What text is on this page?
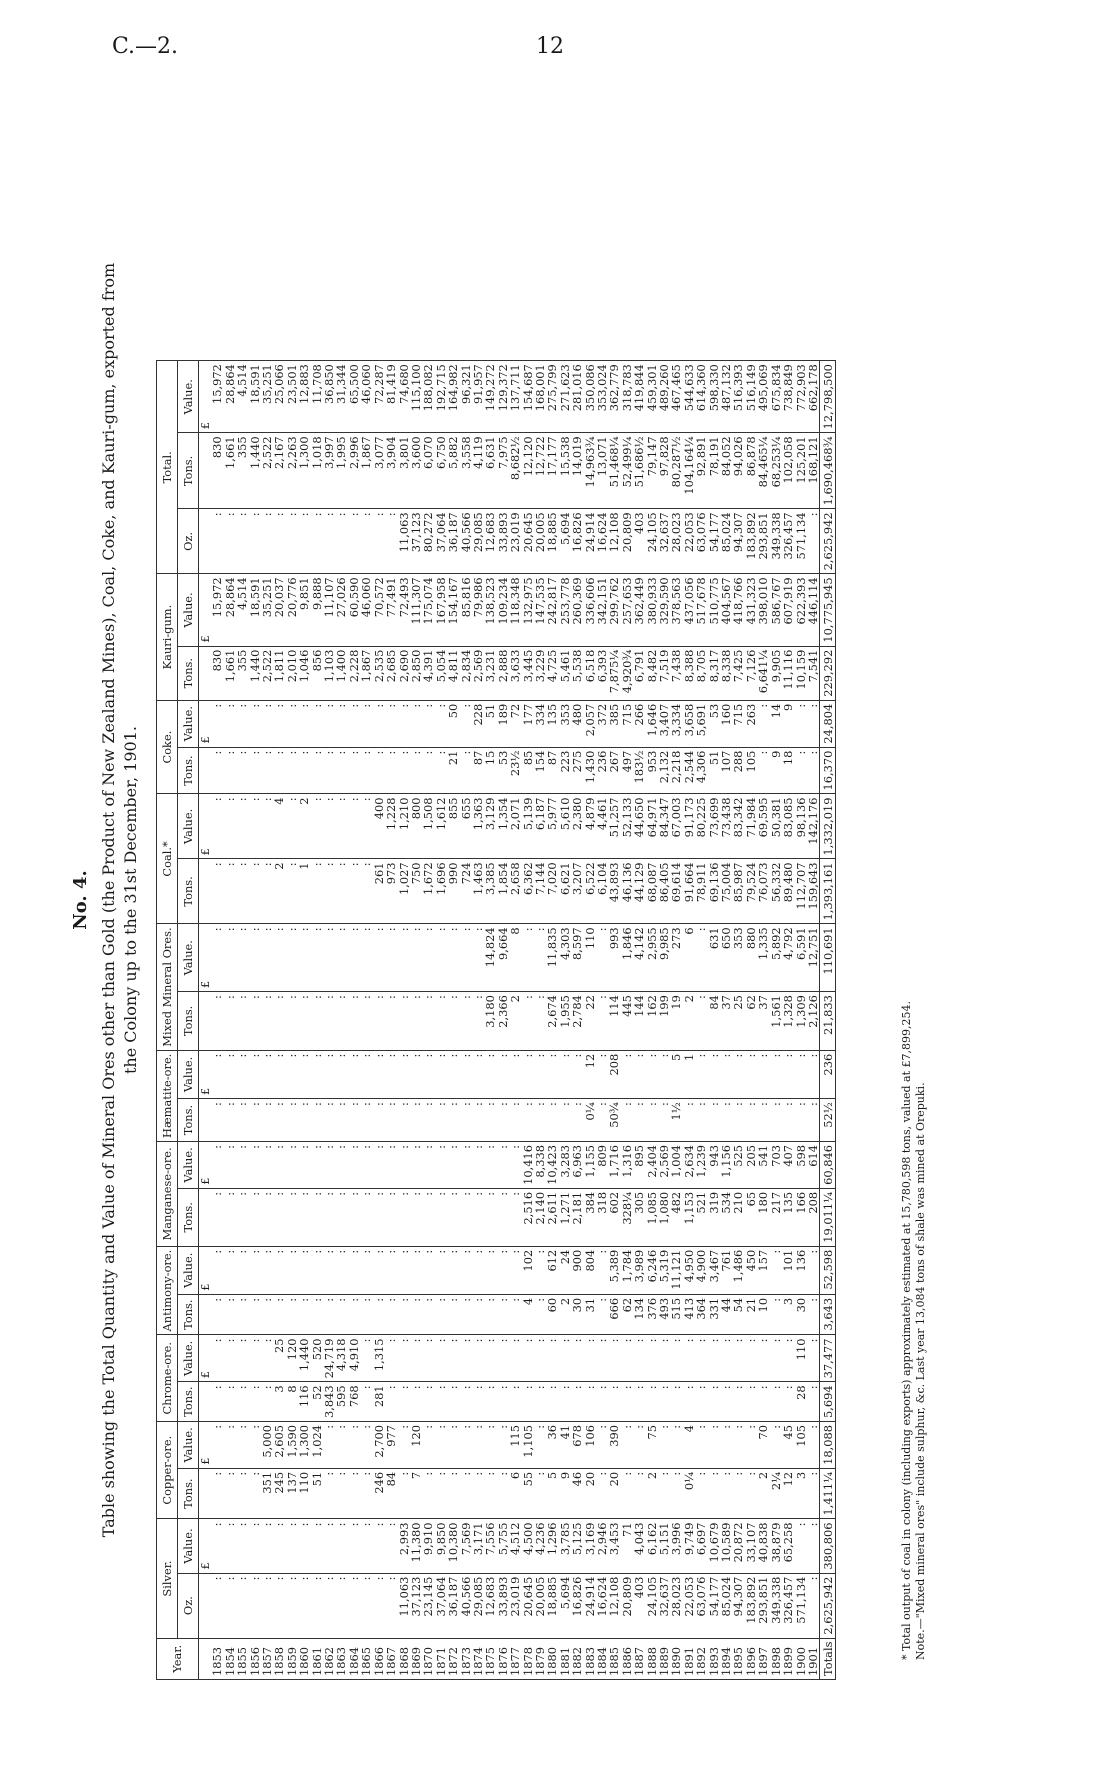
C.—2.	12
No. 4. Table showing the Total Quantity and Value of Mineral Ores other than Gold (the Product of New Zealand Mines), Coal, Coke, and Kauri-gum, exported from the Colony up to the 31st December, 1901.
Year.	Silver.		Copper-ore.		Chrome-ore.		Antimony-ore.		Manganese-ore.		Hæmatite-ore.		Mixed Mineral Ores.		Coal.*		Coke.		Kauri-gum.		Total.		
	Oz.	Value.	Tons.	Value.	Tons.	Value.	Tons.	Value.	Tons.	Value.	Tons.	Value.	Tons.	Value.	Tons.	Value.	Tons.	Value.	Tons.	Value.	Oz.	Tons.	Value.
		£		£		£		£		£		£		£		£		£		£			£
1853	:	:	:	:	:	:	:	:	:	:	:	:	:	:	:	:	:	:	830	15,972	:	830	15,972
1854	:	:	:	:	:	:	:	:	:	:	:	:	:	:	:	:	:	:	1,661	28,864	:	1,661	28,864
1855	:	:	:	:	:	:	:	:	:	:	:	:	:	:	:	:	:	:	355	4,514	:	355	4,514
1856	:	:	:	:	:	:	:	:	:	:	:	:	:	:	:	:	:	:	1,440	18,591	:	1,440	18,591
1857	:	:	351	5,000	:	:	:	:	:	:	:	:	:	:	:	:	:	:	2,522	35,251	:	2,522	35,251
1858	:	:	245	2,605	3	25	:	:	:	:	:	:	:	:	2	4	:	:	1,811	20,037	:	2,167	25,066
1859	:	:	137	1,590	8	120	:	:	:	:	:	:	:	:	:	:	:	:	2,010	20,776	:	2,263	23,501
1860	:	:	110	1,300	116	1,440	:	:	:	:	:	:	:	:	1	2	:	:	1,046	9,851	:	1,300	12,883
1861	:	:	51	1,024	52	520	:	:	:	:	:	:	:	:	:	:	:	:	856	9,888	:	1,018	11,708
1862	:	:	:	:	3,843	24,719	:	:	:	:	:	:	:	:	:	:	:	:	1,103	11,107	:	3,997	36,850
1863	:	:	:	:	595	4,318	:	:	:	:	:	:	:	:	:	:	:	:	1,400	27,026	:	1,995	31,344
1864	:	:	:	:	768	4,910	:	:	:	:	:	:	:	:	:	:	:	:	2,228	60,590	:	2,996	65,500
1865	:	:	:	:	:	:	:	:	:	:	:	:	:	:	:	:	:	:	1,867	46,060	:	1,867	46,060
1866	:	:	246	2,700	281	1,315	:	:	:	:	:	:	:	:	261	400	:	:	2,535	70,572	:	3,077	72,287
1867	:	:	84	977	:	:	:	:	:	:	:	:	:	:	973	1,228	:	:	2,685	77,491	:	3,904	81,419
1868	11,063	2,993	:	:	:	:	:	:	:	:	:	:	:	:	1,027	1,210	:	:	2,690	72,493	11,063	3,801	74,680
1869	37,123	11,380	7	120	:	:	:	:	:	:	:	:	:	:	750	800	:	:	2,850	111,307	37,123	3,600	115,100
1870	23,145	9,910	:	:	:	:	:	:	:	:	:	:	:	:	1,672	1,508	:	:	4,391	175,074	80,272	6,070	188,082
1871	37,064	9,850	:	:	:	:	:	:	:	:	:	:	:	:	1,696	1,612	:	:	5,054	167,958	37,064	6,750	192,715
1872	36,187	10,380	:	:	:	:	:	:	:	:	:	:	:	:	990	855	21	50	4,811	154,167	36,187	5,882	164,982
1873	40,566	7,569	:	:	:	:	:	:	:	:	:	:	:	:	724	655	:	:	2,834	85,816	40,566	3,558	96,321
1874	29,085	3,171	:	:	:	:	:	:	:	:	:	:	:	:	1,463	1,363	87	228	2,569	79,986	29,085	4,119	91,957
1875	12,683	7,556	:	:	:	:	:	:	:	:	:	:	3,180	14,824	3,385	3,129	15	51	3,231	138,523	12,683	6,631	149,272
1876	33,893	5,755	:	:	:	:	:	:	:	:	:	:	2,366	9,664	1,854	1,354	53	189	2,888	109,234	33,893	7,975	129,372
1877	23,019	4,512	6	115	:	:	:	:	:	:	:	:	2	8	2,658	2,071	23½	72	3,633	118,348	23,019	8,682½	137,711
1878	20,645	4,500	55	1,105	:	:	4	102	2,516	10,416	:	:	:	:	6,362	5,139	85	177	3,445	132,975	20,645	12,120	154,687
1879	20,005	4,236	:	:	:	:	:	:	2,140	8,338	:	:	:	:	7,144	6,187	154	334	3,229	147,535	20,005	12,722	168,001
1880	18,885	1,296	5	36	:	:	60	612	2,611	10,423	:	:	2,674	11,835	7,020	5,977	87	135	4,725	242,817	18,885	17,177	275,799
1881	5,694	3,785	9	41	:	:	2	24	1,271	3,283	:	:	1,955	4,303	6,621	5,610	223	353	5,461	253,778	5,694	15,538	271,623
1882	16,826	5,125	46	678	:	:	30	900	2,181	6,963	:	:	2,784	8,597	3,207	2,380	275	480	5,538	260,369	16,826	14,019	281,016
1883	24,914	3,169	20	106	:	:	31	804	384	1,155	0¼	12	22	110	6,522	4,879	1,430	2,057	6,518	336,606	24,914	14,963¾	350,086
1884	16,624	2,946	:	:	:	:	:	:	318	809	:	:	:	:	6,104	4,461	236	372	6,393	342,151	16,624	13,071	353,024
1885	12,108	3,453	20	390	:	:	666	5,389	602	1,716	50¾	208	114	993	43,893	51,257	267	385	7,875¼	299,762	12,108	51,468¼	362,779
1886	20,809	71	:	:	:	:	62	1,784	328¼	1,316	:	:	445	1,846	46,136	52,133	497	715	4,920¾	257,653	20,809	52,499¼	318,783
1887	403	4,043	:	:	:	:	134	3,989	305	895	:	:	144	4,142	44,129	44,650	183½	266	6,791	362,449	403	51,686½	419,844
1888	24,105	6,162	2	75	:	:	376	6,246	1,085	2,404	:	:	162	2,955	68,087	64,971	953	1,646	8,482	380,933	24,105	79,147	459,301
1889	32,637	5,151	:	:	:	:	493	5,319	1,080	2,569	:	:	199	9,985	86,405	84,347	2,132	3,407	7,519	329,590	32,637	97,828	489,260
1890	28,023	3,996	:	:	:	:	515	11,121	482	1,004	1½	5	19	273	69,614	67,003	2,218	3,334	7,438	378,563	28,023	80,287½	467,465
1891	22,053	9,749	0¼	4	:	:	413	4,950	1,153	2,634	:	1	2	6	91,664	91,173	2,544	3,658	8,388	437,056	22,053	104,164¼	544,633
1892	63,076	6,697	:	:	:	:	364	4,900	521	1,239	:	:	:	:	78,911	80,225	4,306	5,691	8,705	517,678	63,076	92,891	614,360
1893	54,177	10,679	:	:	:	:	331	3,467	319	943	:	:	84	631	69,136	73,699	51	53	8,317	510,775	54,177	78,191	598,330
1894	85,024	10,589	:	:	:	:	44	761	534	1,156	:	:	37	650	75,004	73,438	107	160	8,338	404,567	85,024	84,052	487,132
1895	94,307	20,872	:	:	:	:	54	1,486	210	525	:	:	25	353	85,987	83,342	288	715	7,425	418,766	94,307	94,026	516,393
1896	183,892	33,107	:	:	:	:	21	450	65	205	:	:	62	880	79,524	71,984	105	263	7,126	431,323	183,892	86,878	516,149
1897	293,851	40,838	2	70	:	:	10	157	180	541	:	:	37	1,335	76,073	69,595	:	:	6,641¼	398,010	293,851	84,465¼	495,069
1898	349,338	38,879	2¼	:	:	:	:	:	217	703	:	:	1,561	5,892	56,332	50,381	9	14	9,905	586,767	349,338	68,253¼	675,834
1899	326,457	65,258	12	45	:	:	3	101	135	407	:	:	1,328	4,792	89,480	83,085	18	9	11,116	607,919	326,457	102,058	738,849
1900	571,134	:	3	105	28	110	30	136	166	598	:	:	1,309	6,591	112,707	98,136	:	:	10,159	622,393	571,134	125,201	772,903
1901	:	:	:	:	:	:	:	:	208	614	:	:	2,126	12,751	159,643	142,176	:	:	7,541	446,114	:	168,121	662,178
Totals	2,625,942	380,806	1,411¼	18,088	5,694	37,477	3,643	52,598	19,011¼	60,846	52½	236	21,833	110,691	1,393,161	1,332,019	16,370	24,804	229,292	10,775,945	2,625,942	1,690,468¾	12,798,500
* Total output of coal in colony (including exports) approximately estimated at 15,780,598 tons, valued at £7,899,254. Note.—"Mixed mineral ores" include sulphur, &c. Last year 13,084 tons of shale was mined at Orepuki.
